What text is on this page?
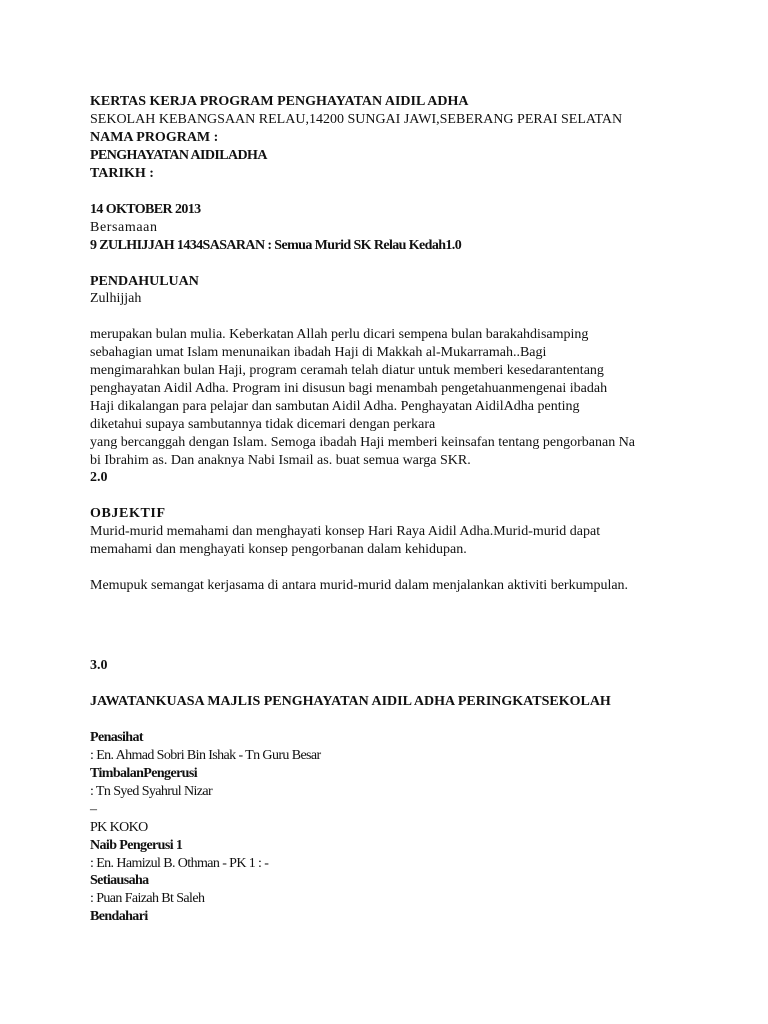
KERTAS KERJA PROGRAM PENGHAYATAN AIDIL ADHA
SEKOLAH KEBANGSAAN RELAU,14200 SUNGAI JAWI,SEBERANG PERAI SELATAN
NAMA PROGRAM :
PENGHAYATAN AIDILADHA
TARIKH :
14 OKTOBER 2013
Bersamaan
9 ZULHIJJAH 1434SASARAN : Semua Murid SK Relau Kedah1.0
PENDAHULUAN
Zulhijjah
merupakan bulan mulia. Keberkatan Allah perlu dicari sempena bulan barakahdisamping
sebahagian umat Islam menunaikan ibadah Haji di Makkah al-Mukarramah..Bagi
mengimarahkan bulan Haji, program ceramah telah diatur untuk memberi kesedarantentang
penghayatan Aidil Adha. Program ini disusun bagi menambah pengetahuanmengenai ibadah
Haji dikalangan para pelajar dan sambutan Aidil Adha. Penghayatan AidilAdha penting
diketahui supaya sambutannya tidak dicemari dengan perkara
yang bercanggah dengan Islam. Semoga ibadah Haji memberi keinsafan tentang pengorbanan Na
bi Ibrahim as. Dan anaknya Nabi Ismail as. buat semua warga SKR.
2.0
OBJEKTIF
Murid-murid memahami dan menghayati konsep Hari Raya Aidil Adha.Murid-murid dapat
memahami dan menghayati konsep pengorbanan dalam kehidupan.
Memupuk semangat kerjasama di antara murid-murid dalam menjalankan aktiviti berkumpulan.
3.0
JAWATANKUASA MAJLIS PENGHAYATAN AIDIL ADHA PERINGKATSEKOLAH
Penasihat
: En. Ahmad Sobri Bin Ishak - Tn Guru Besar
TimbalanPengerusi
: Tn Syed Syahrul Nizar
–
PK KOKO
Naib Pengerusi 1
: En. Hamizul B. Othman - PK 1 : -
Setiausaha
: Puan Faizah Bt Saleh
Bendahari
